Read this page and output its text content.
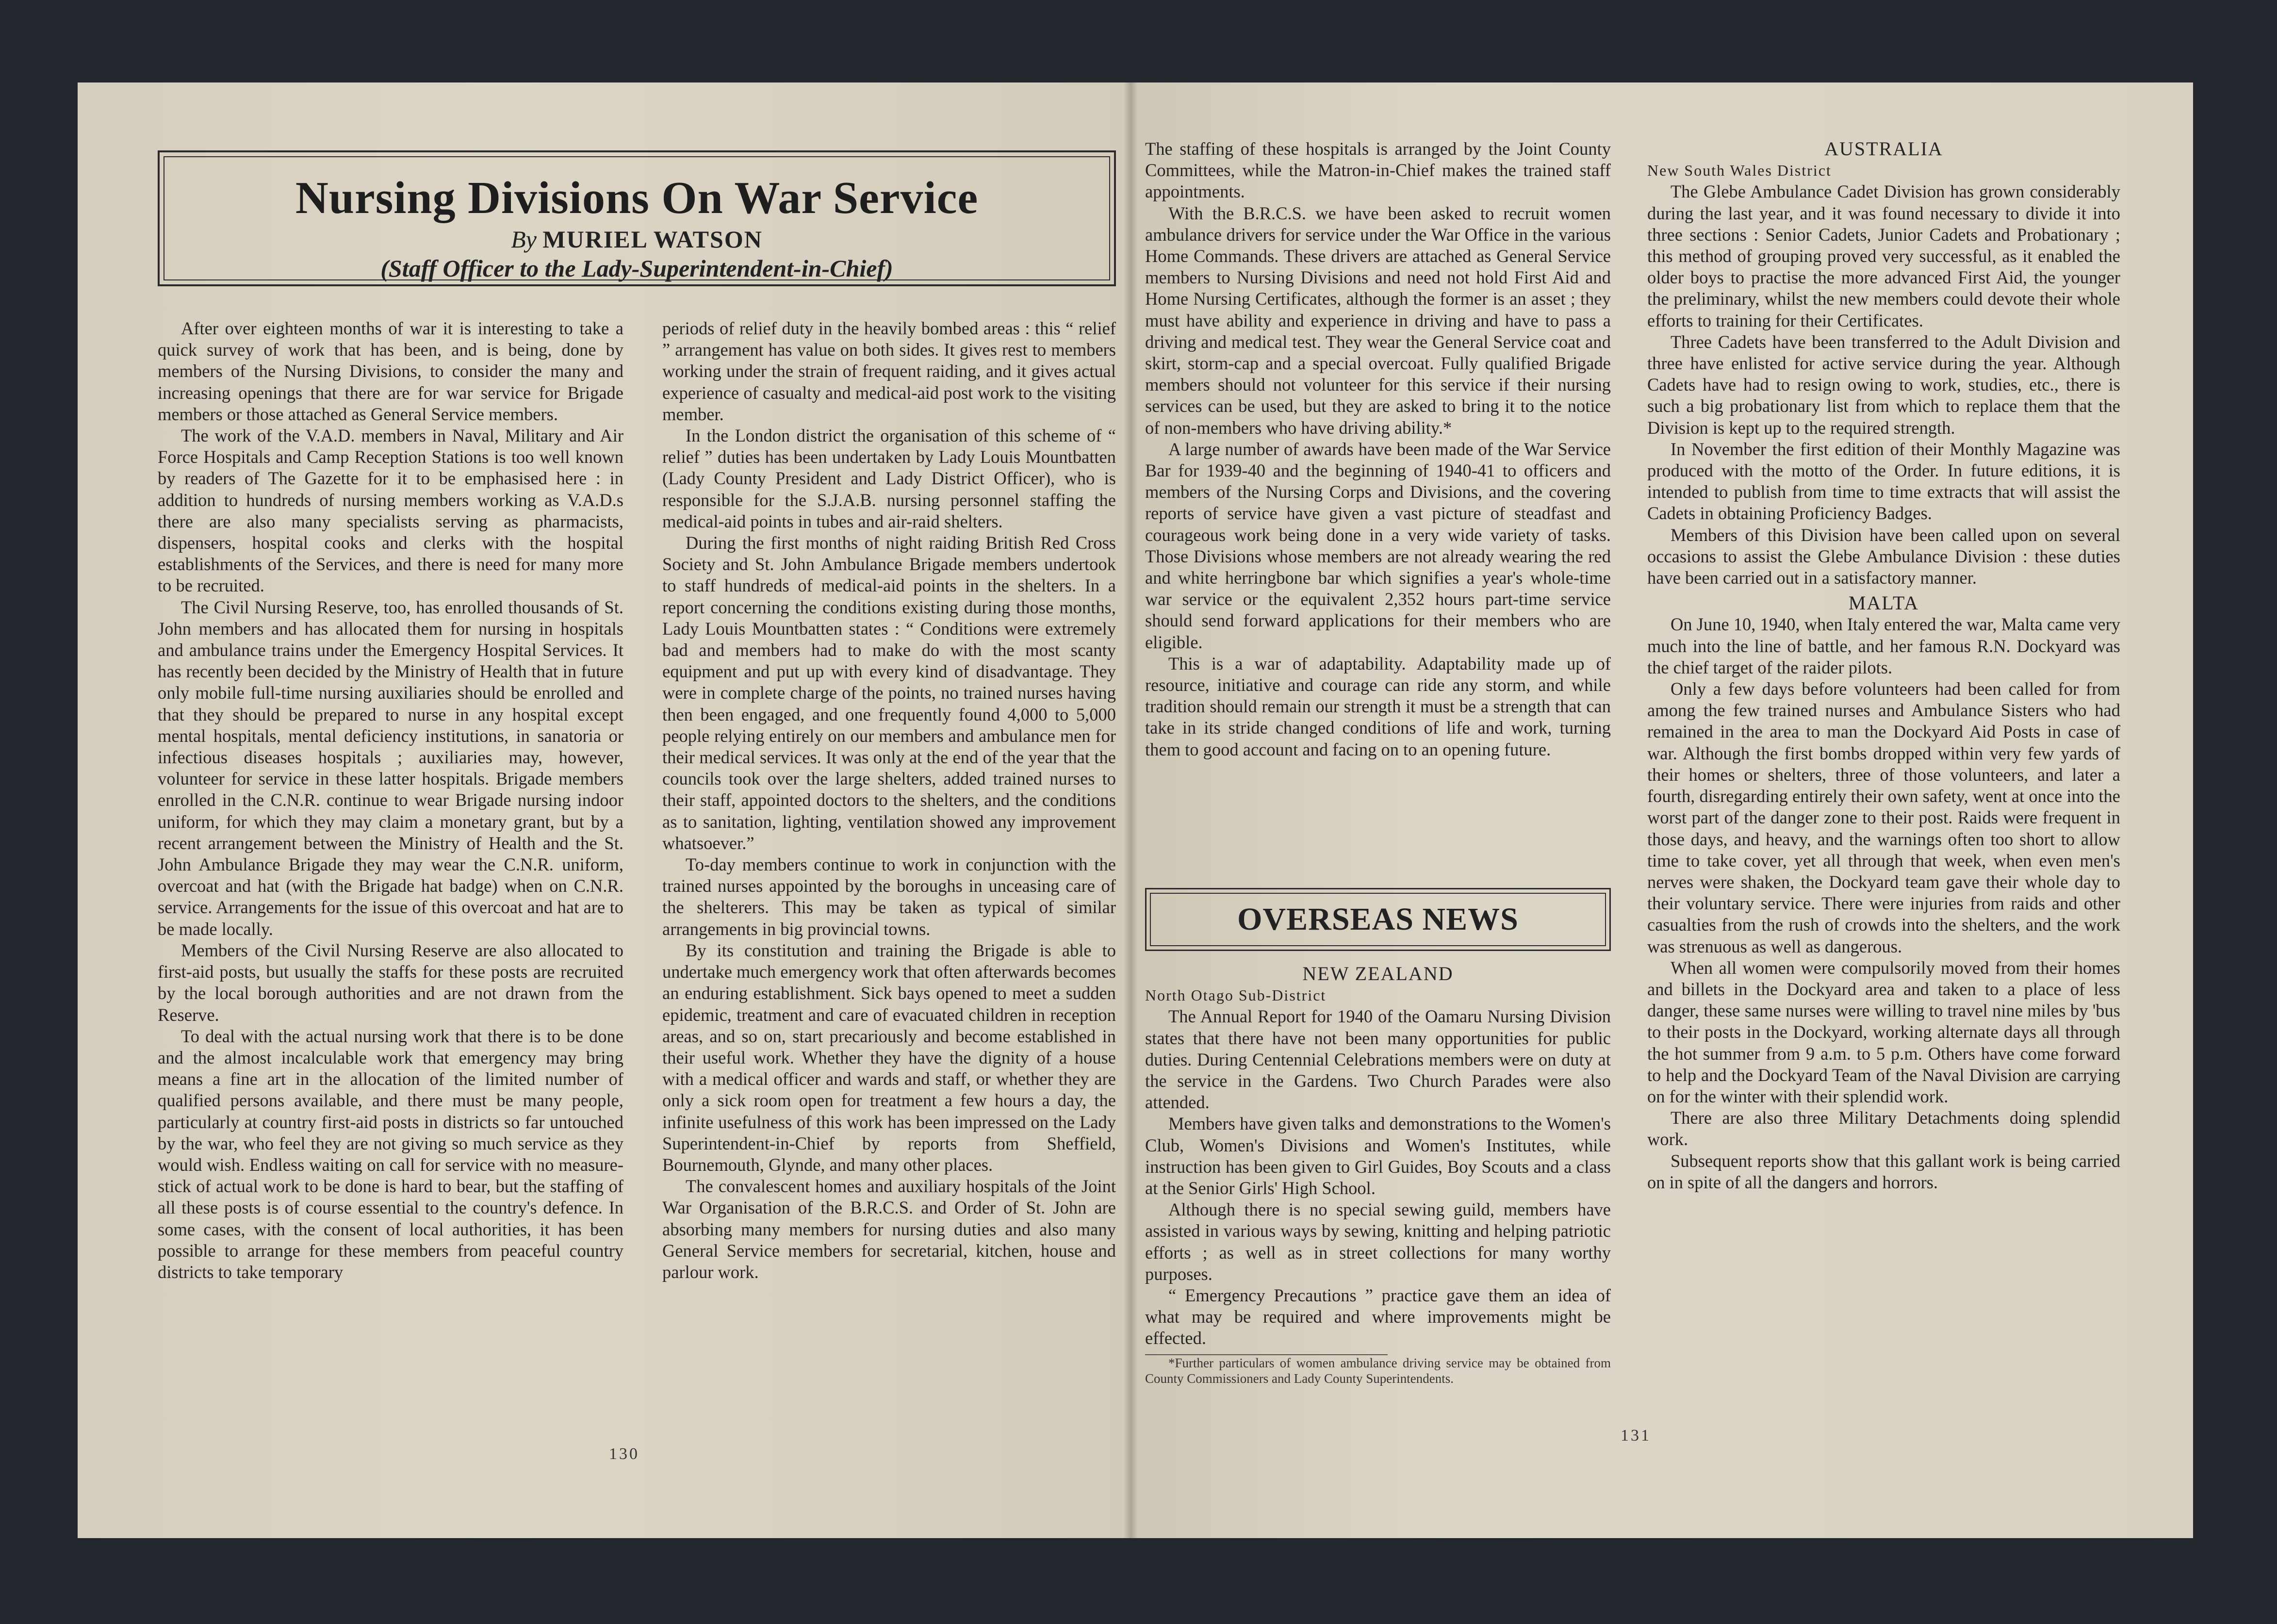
Nursing Divisions On War Service
By MURIEL WATSON
(Staff Officer to the Lady-Superintendent-in-Chief)

After over eighteen months of war it is interesting to take a quick survey of work that has been, and is being, done by members of the Nursing Divisions, to consider the many and increasing openings that there are for war service for Brigade members or those attached as General Service members.

The work of the V.A.D. members in Naval, Military and Air Force Hospitals and Camp Reception Stations is too well known by readers of The Gazette for it to be emphasised here : in addition to hundreds of nursing members working as V.A.D.s there are also many specialists serving as pharmacists, dispensers, hospital cooks and clerks with the hospital establishments of the Services, and there is need for many more to be recruited.

The Civil Nursing Reserve, too, has enrolled thousands of St. John members and has allocated them for nursing in hospitals and ambulance trains under the Emergency Hospital Services. It has recently been decided by the Ministry of Health that in future only mobile full-time nursing auxiliaries should be enrolled and that they should be prepared to nurse in any hospital except mental hospitals, mental deficiency institutions, in sanatoria or infectious diseases hospitals ; auxiliaries may, however, volunteer for service in these latter hospitals. Brigade members enrolled in the C.N.R. continue to wear Brigade nursing indoor uniform, for which they may claim a monetary grant, but by a recent arrangement between the Ministry of Health and the St. John Ambulance Brigade they may wear the C.N.R. uniform, overcoat and hat (with the Brigade hat badge) when on C.N.R. service. Arrangements for the issue of this overcoat and hat are to be made locally.

Members of the Civil Nursing Reserve are also allocated to first-aid posts, but usually the staffs for these posts are recruited by the local borough authorities and are not drawn from the Reserve.

To deal with the actual nursing work that there is to be done and the almost incalculable work that emergency may bring means a fine art in the allocation of the limited number of qualified persons available, and there must be many people, particularly at country first-aid posts in districts so far untouched by the war, who feel they are not giving so much service as they would wish. Endless waiting on call for service with no measure-stick of actual work to be done is hard to bear, but the staffing of all these posts is of course essential to the country's defence. In some cases, with the consent of local authorities, it has been possible to arrange for these members from peaceful country districts to take temporary

periods of relief duty in the heavily bombed areas : this “ relief ” arrangement has value on both sides. It gives rest to members working under the strain of frequent raiding, and it gives actual experience of casualty and medical-aid post work to the visiting member.

In the London district the organisation of this scheme of “ relief ” duties has been undertaken by Lady Louis Mountbatten (Lady County President and Lady District Officer), who is responsible for the S.J.A.B. nursing personnel staffing the medical-aid points in tubes and air-raid shelters.

During the first months of night raiding British Red Cross Society and St. John Ambulance Brigade members undertook to staff hundreds of medical-aid points in the shelters. In a report concerning the conditions existing during those months, Lady Louis Mountbatten states : “ Conditions were extremely bad and members had to make do with the most scanty equipment and put up with every kind of disadvantage. They were in complete charge of the points, no trained nurses having then been engaged, and one frequently found 4,000 to 5,000 people relying entirely on our members and ambulance men for their medical services. It was only at the end of the year that the councils took over the large shelters, added trained nurses to their staff, appointed doctors to the shelters, and the conditions as to sanitation, lighting, ventilation showed any improvement whatsoever.”

To-day members continue to work in conjunction with the trained nurses appointed by the boroughs in unceasing care of the shelterers. This may be taken as typical of similar arrangements in big provincial towns.

By its constitution and training the Brigade is able to undertake much emergency work that often afterwards becomes an enduring establishment. Sick bays opened to meet a sudden epidemic, treatment and care of evacuated children in reception areas, and so on, start precariously and become established in their useful work. Whether they have the dignity of a house with a medical officer and wards and staff, or whether they are only a sick room open for treatment a few hours a day, the infinite usefulness of this work has been impressed on the Lady Superintendent-in-Chief by reports from Sheffield, Bournemouth, Glynde, and many other places.

The convalescent homes and auxiliary hospitals of the Joint War Organisation of the B.R.C.S. and Order of St. John are absorbing many members for nursing duties and also many General Service members for secretarial, kitchen, house and parlour work.

130

The staffing of these hospitals is arranged by the Joint County Committees, while the Matron-in-Chief makes the trained staff appointments.

With the B.R.C.S. we have been asked to recruit women ambulance drivers for service under the War Office in the various Home Commands. These drivers are attached as General Service members to Nursing Divisions and need not hold First Aid and Home Nursing Certificates, although the former is an asset ; they must have ability and experience in driving and have to pass a driving and medical test. They wear the General Service coat and skirt, storm-cap and a special overcoat. Fully qualified Brigade members should not volunteer for this service if their nursing services can be used, but they are asked to bring it to the notice of non-members who have driving ability.*

A large number of awards have been made of the War Service Bar for 1939-40 and the beginning of 1940-41 to officers and members of the Nursing Corps and Divisions, and the covering reports of service have given a vast picture of steadfast and courageous work being done in a very wide variety of tasks. Those Divisions whose members are not already wearing the red and white herringbone bar which signifies a year's whole-time war service or the equivalent 2,352 hours part-time service should send forward applications for their members who are eligible.

This is a war of adaptability. Adaptability made up of resource, initiative and courage can ride any storm, and while tradition should remain our strength it must be a strength that can take in its stride changed conditions of life and work, turning them to good account and facing on to an opening future.

OVERSEAS NEWS

NEW ZEALAND

North Otago Sub-District

The Annual Report for 1940 of the Oamaru Nursing Division states that there have not been many opportunities for public duties. During Centennial Celebrations members were on duty at the service in the Gardens. Two Church Parades were also attended.

Members have given talks and demonstrations to the Women's Club, Women's Divisions and Women's Institutes, while instruction has been given to Girl Guides, Boy Scouts and a class at the Senior Girls' High School.

Although there is no special sewing guild, members have assisted in various ways by sewing, knitting and helping patriotic efforts ; as well as in street collections for many worthy purposes.

“ Emergency Precautions ” practice gave them an idea of what may be required and where improvements might be effected.

*Further particulars of women ambulance driving service may be obtained from County Commissioners and Lady County Superintendents.

AUSTRALIA

New South Wales District

The Glebe Ambulance Cadet Division has grown considerably during the last year, and it was found necessary to divide it into three sections : Senior Cadets, Junior Cadets and Probationary ; this method of grouping proved very successful, as it enabled the older boys to practise the more advanced First Aid, the younger the preliminary, whilst the new members could devote their whole efforts to training for their Certificates.

Three Cadets have been transferred to the Adult Division and three have enlisted for active service during the year. Although Cadets have had to resign owing to work, studies, etc., there is such a big probationary list from which to replace them that the Division is kept up to the required strength.

In November the first edition of their Monthly Magazine was produced with the motto of the Order. In future editions, it is intended to publish from time to time extracts that will assist the Cadets in obtaining Proficiency Badges.

Members of this Division have been called upon on several occasions to assist the Glebe Ambulance Division : these duties have been carried out in a satisfactory manner.

MALTA

On June 10, 1940, when Italy entered the war, Malta came very much into the line of battle, and her famous R.N. Dockyard was the chief target of the raider pilots.

Only a few days before volunteers had been called for from among the few trained nurses and Ambulance Sisters who had remained in the area to man the Dockyard Aid Posts in case of war. Although the first bombs dropped within very few yards of their homes or shelters, three of those volunteers, and later a fourth, disregarding entirely their own safety, went at once into the worst part of the danger zone to their post. Raids were frequent in those days, and heavy, and the warnings often too short to allow time to take cover, yet all through that week, when even men's nerves were shaken, the Dockyard team gave their whole day to their voluntary service. There were injuries from raids and other casualties from the rush of crowds into the shelters, and the work was strenuous as well as dangerous.

When all women were compulsorily moved from their homes and billets in the Dockyard area and taken to a place of less danger, these same nurses were willing to travel nine miles by 'bus to their posts in the Dockyard, working alternate days all through the hot summer from 9 a.m. to 5 p.m. Others have come forward to help and the Dockyard Team of the Naval Division are carrying on for the winter with their splendid work.

There are also three Military Detachments doing splendid work.

Subsequent reports show that this gallant work is being carried on in spite of all the dangers and horrors.

131
